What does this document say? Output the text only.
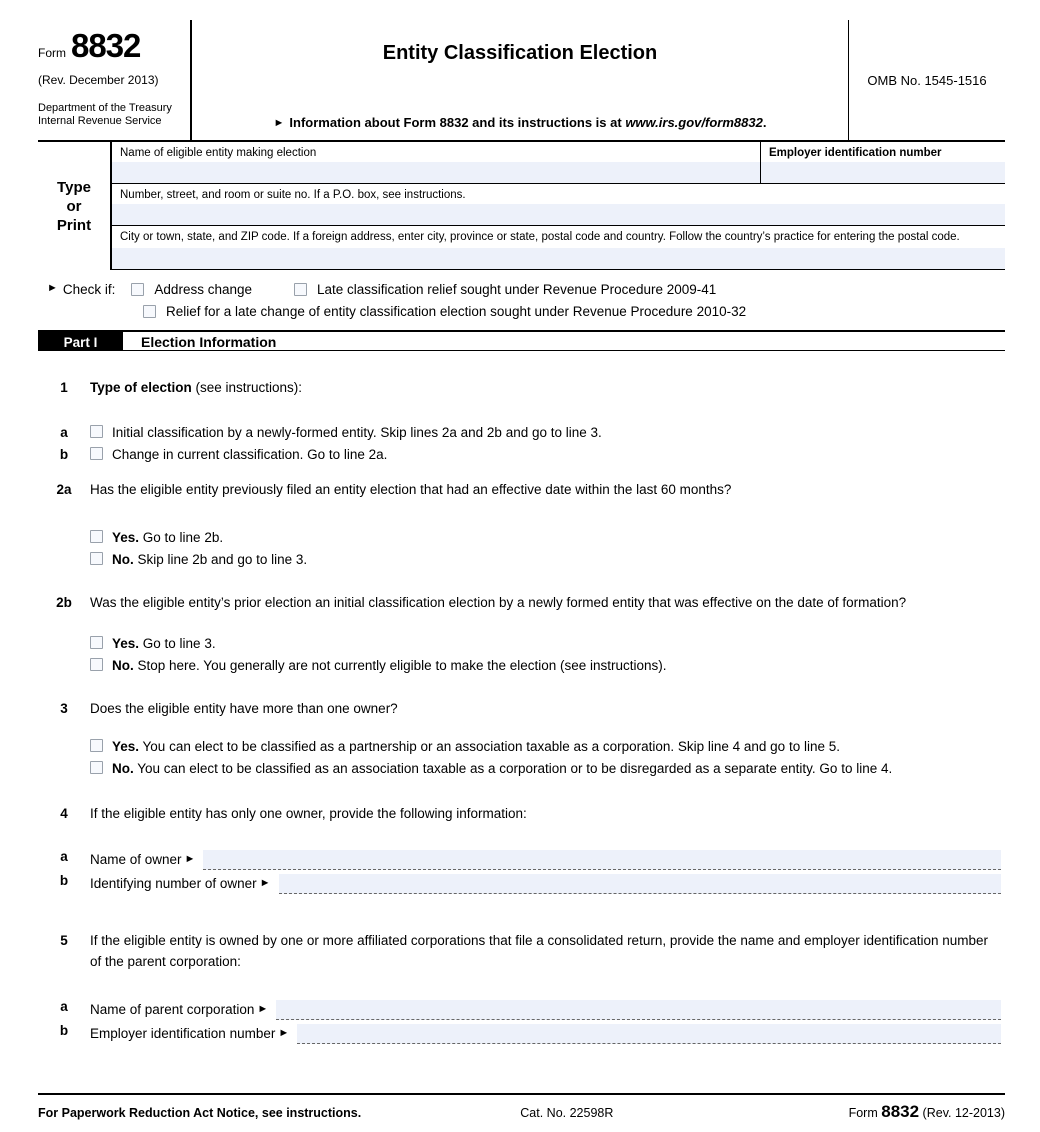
Form 8832
(Rev. December 2013)
Department of the Treasury
Internal Revenue Service
Entity Classification Election
► Information about Form 8832 and its instructions is at www.irs.gov/form8832.
OMB No. 1545-1516
Type
or
Print
Name of eligible entity making election	Employer identification number
Number, street, and room or suite no. If a P.O. box, see instructions.
City or town, state, and ZIP code. If a foreign address, enter city, province or state, postal code and country. Follow the country’s practice for entering the postal code.
► Check if:	Address change	Late classification relief sought under Revenue Procedure 2009-41
Relief for a late change of entity classification election sought under Revenue Procedure 2010-32
Part I	Election Information
1	Type of election (see instructions):
a	Initial classification by a newly-formed entity. Skip lines 2a and 2b and go to line 3.
b	Change in current classification. Go to line 2a.
2a	Has the eligible entity previously filed an entity election that had an effective date within the last 60 months?
Yes. Go to line 2b.
No. Skip line 2b and go to line 3.
2b	Was the eligible entity’s prior election an initial classification election by a newly formed entity that was effective on the date of formation?
Yes. Go to line 3.
No. Stop here. You generally are not currently eligible to make the election (see instructions).
3	Does the eligible entity have more than one owner?
Yes. You can elect to be classified as a partnership or an association taxable as a corporation. Skip line 4 and go to line 5.
No. You can elect to be classified as an association taxable as a corporation or to be disregarded as a separate entity. Go to line 4.
4	If the eligible entity has only one owner, provide the following information:
a	Name of owner ►
b	Identifying number of owner ►
5	If the eligible entity is owned by one or more affiliated corporations that file a consolidated return, provide the name and employer identification number of the parent corporation:
a	Name of parent corporation ►
b	Employer identification number ►
For Paperwork Reduction Act Notice, see instructions.	Cat. No. 22598R	Form 8832 (Rev. 12-2013)
